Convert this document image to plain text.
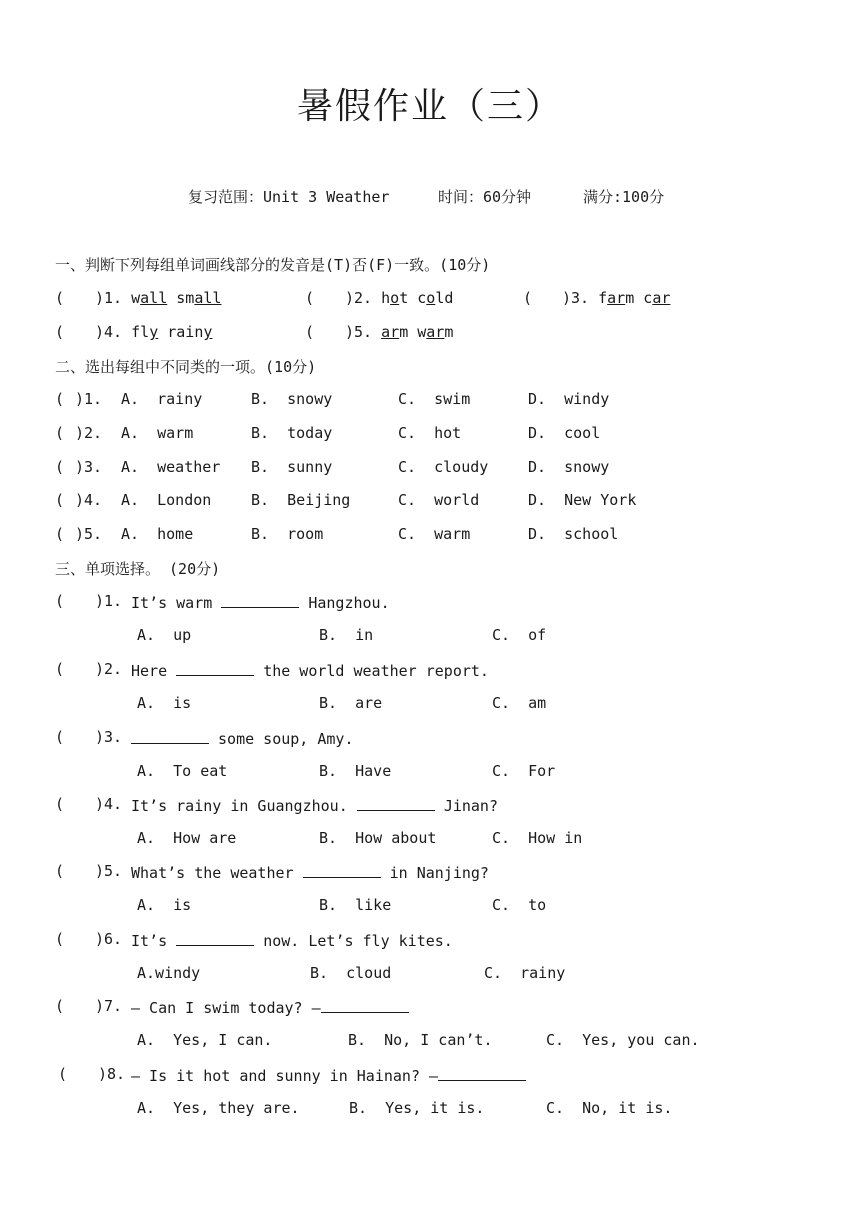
暑假作业（三）

复习范围：Unit 3 Weather

	时间：60分钟

	满分:100分

一、判断下列每组单词画线部分的发音是(T)否(F)一致。(10分)

(

)1. wall small

	(

)2. hot cold

	(

)3. farm car

(

)4. fly rainy

	(

)5. arm warm

二、选出每组中不同类的一项。(10分)

( )1. A.  rainy	B.  snowy	C.  swim	D.  windy
( )2. A.  warm	B.  today	C.  hot	D.  cool
( )3. A.  weather B.  sunny	C.  cloudy	D.  snowy
( )4. A.  London	B.  Beijing	C.  world	D.  New York
( )5. A.  home	B.  room	C.  warm	D.  school

三、单项选择。 (20分)

( )1. It’s warm	Hangzhou.
A.  up	B.  in	C.  of
( )2. Here	the world weather report.
A.  is	B.  are	C.  am
( )3.	some soup, Amy.
A.  To eat	B.  Have	C.  For
( )4. It’s rainy in Guangzhou.	Jinan?
A.  How are	B.  How about	C.  How in
( )5. What’s the weather	in Nanjing?
A.  is	B.  like	C.  to
( )6. It’s	now. Let’s fly kites.
A.windy	B.  cloud	C.  rainy
( )7. — Can I swim today? —
A.  Yes, I can.	B.  No, I can’t.	C.  Yes, you can.
( )8. — Is it hot and sunny in Hainan? —
A.  Yes, they are.	B.  Yes, it is.	C.  No, it is.
